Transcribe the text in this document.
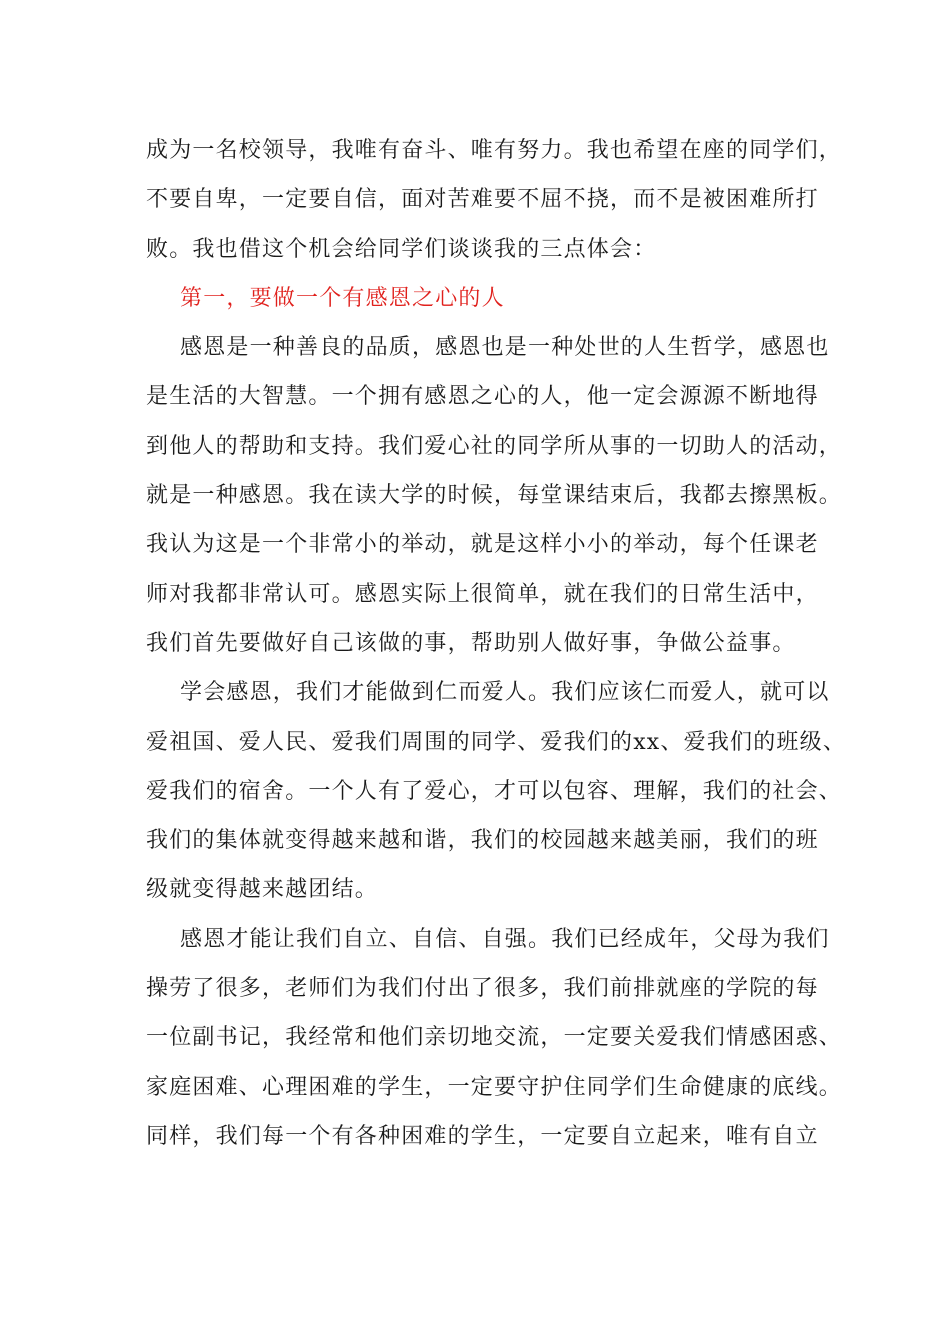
成为一名校领导，我唯有奋斗、唯有努力。我也希望在座的同学们，
不要自卑，一定要自信，面对苦难要不屈不挠，而不是被困难所打
败。我也借这个机会给同学们谈谈我的三点体会：
第一，要做一个有感恩之心的人
感恩是一种善良的品质，感恩也是一种处世的人生哲学，感恩也
是生活的大智慧。一个拥有感恩之心的人，他一定会源源不断地得
到他人的帮助和支持。我们爱心社的同学所从事的一切助人的活动，
就是一种感恩。我在读大学的时候，每堂课结束后，我都去擦黑板。
我认为这是一个非常小的举动，就是这样小小的举动，每个任课老
师对我都非常认可。感恩实际上很简单，就在我们的日常生活中，
我们首先要做好自己该做的事，帮助别人做好事，争做公益事。
学会感恩，我们才能做到仁而爱人。我们应该仁而爱人，就可以
爱祖国、爱人民、爱我们周围的同学、爱我们的xx、爱我们的班级、
爱我们的宿舍。一个人有了爱心，才可以包容、理解，我们的社会、
我们的集体就变得越来越和谐，我们的校园越来越美丽，我们的班
级就变得越来越团结。
感恩才能让我们自立、自信、自强。我们已经成年，父母为我们
操劳了很多，老师们为我们付出了很多，我们前排就座的学院的每
一位副书记，我经常和他们亲切地交流，一定要关爱我们情感困惑、
家庭困难、心理困难的学生，一定要守护住同学们生命健康的底线。
同样，我们每一个有各种困难的学生，一定要自立起来，唯有自立
